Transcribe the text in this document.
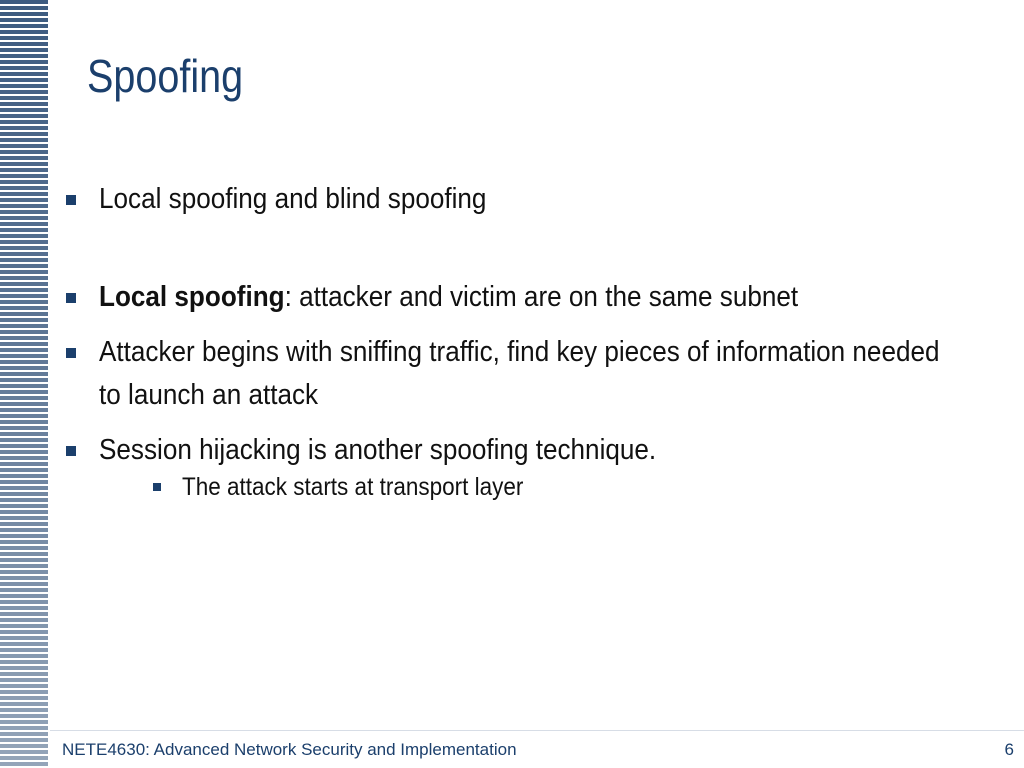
Spoofing
Local spoofing and blind spoofing
Local spoofing: attacker and victim are on the same subnet
Attacker begins with sniffing traffic, find key pieces of information needed to launch an attack
Session hijacking is another spoofing technique.
The attack starts at transport layer
NETE4630: Advanced Network Security and Implementation	6
